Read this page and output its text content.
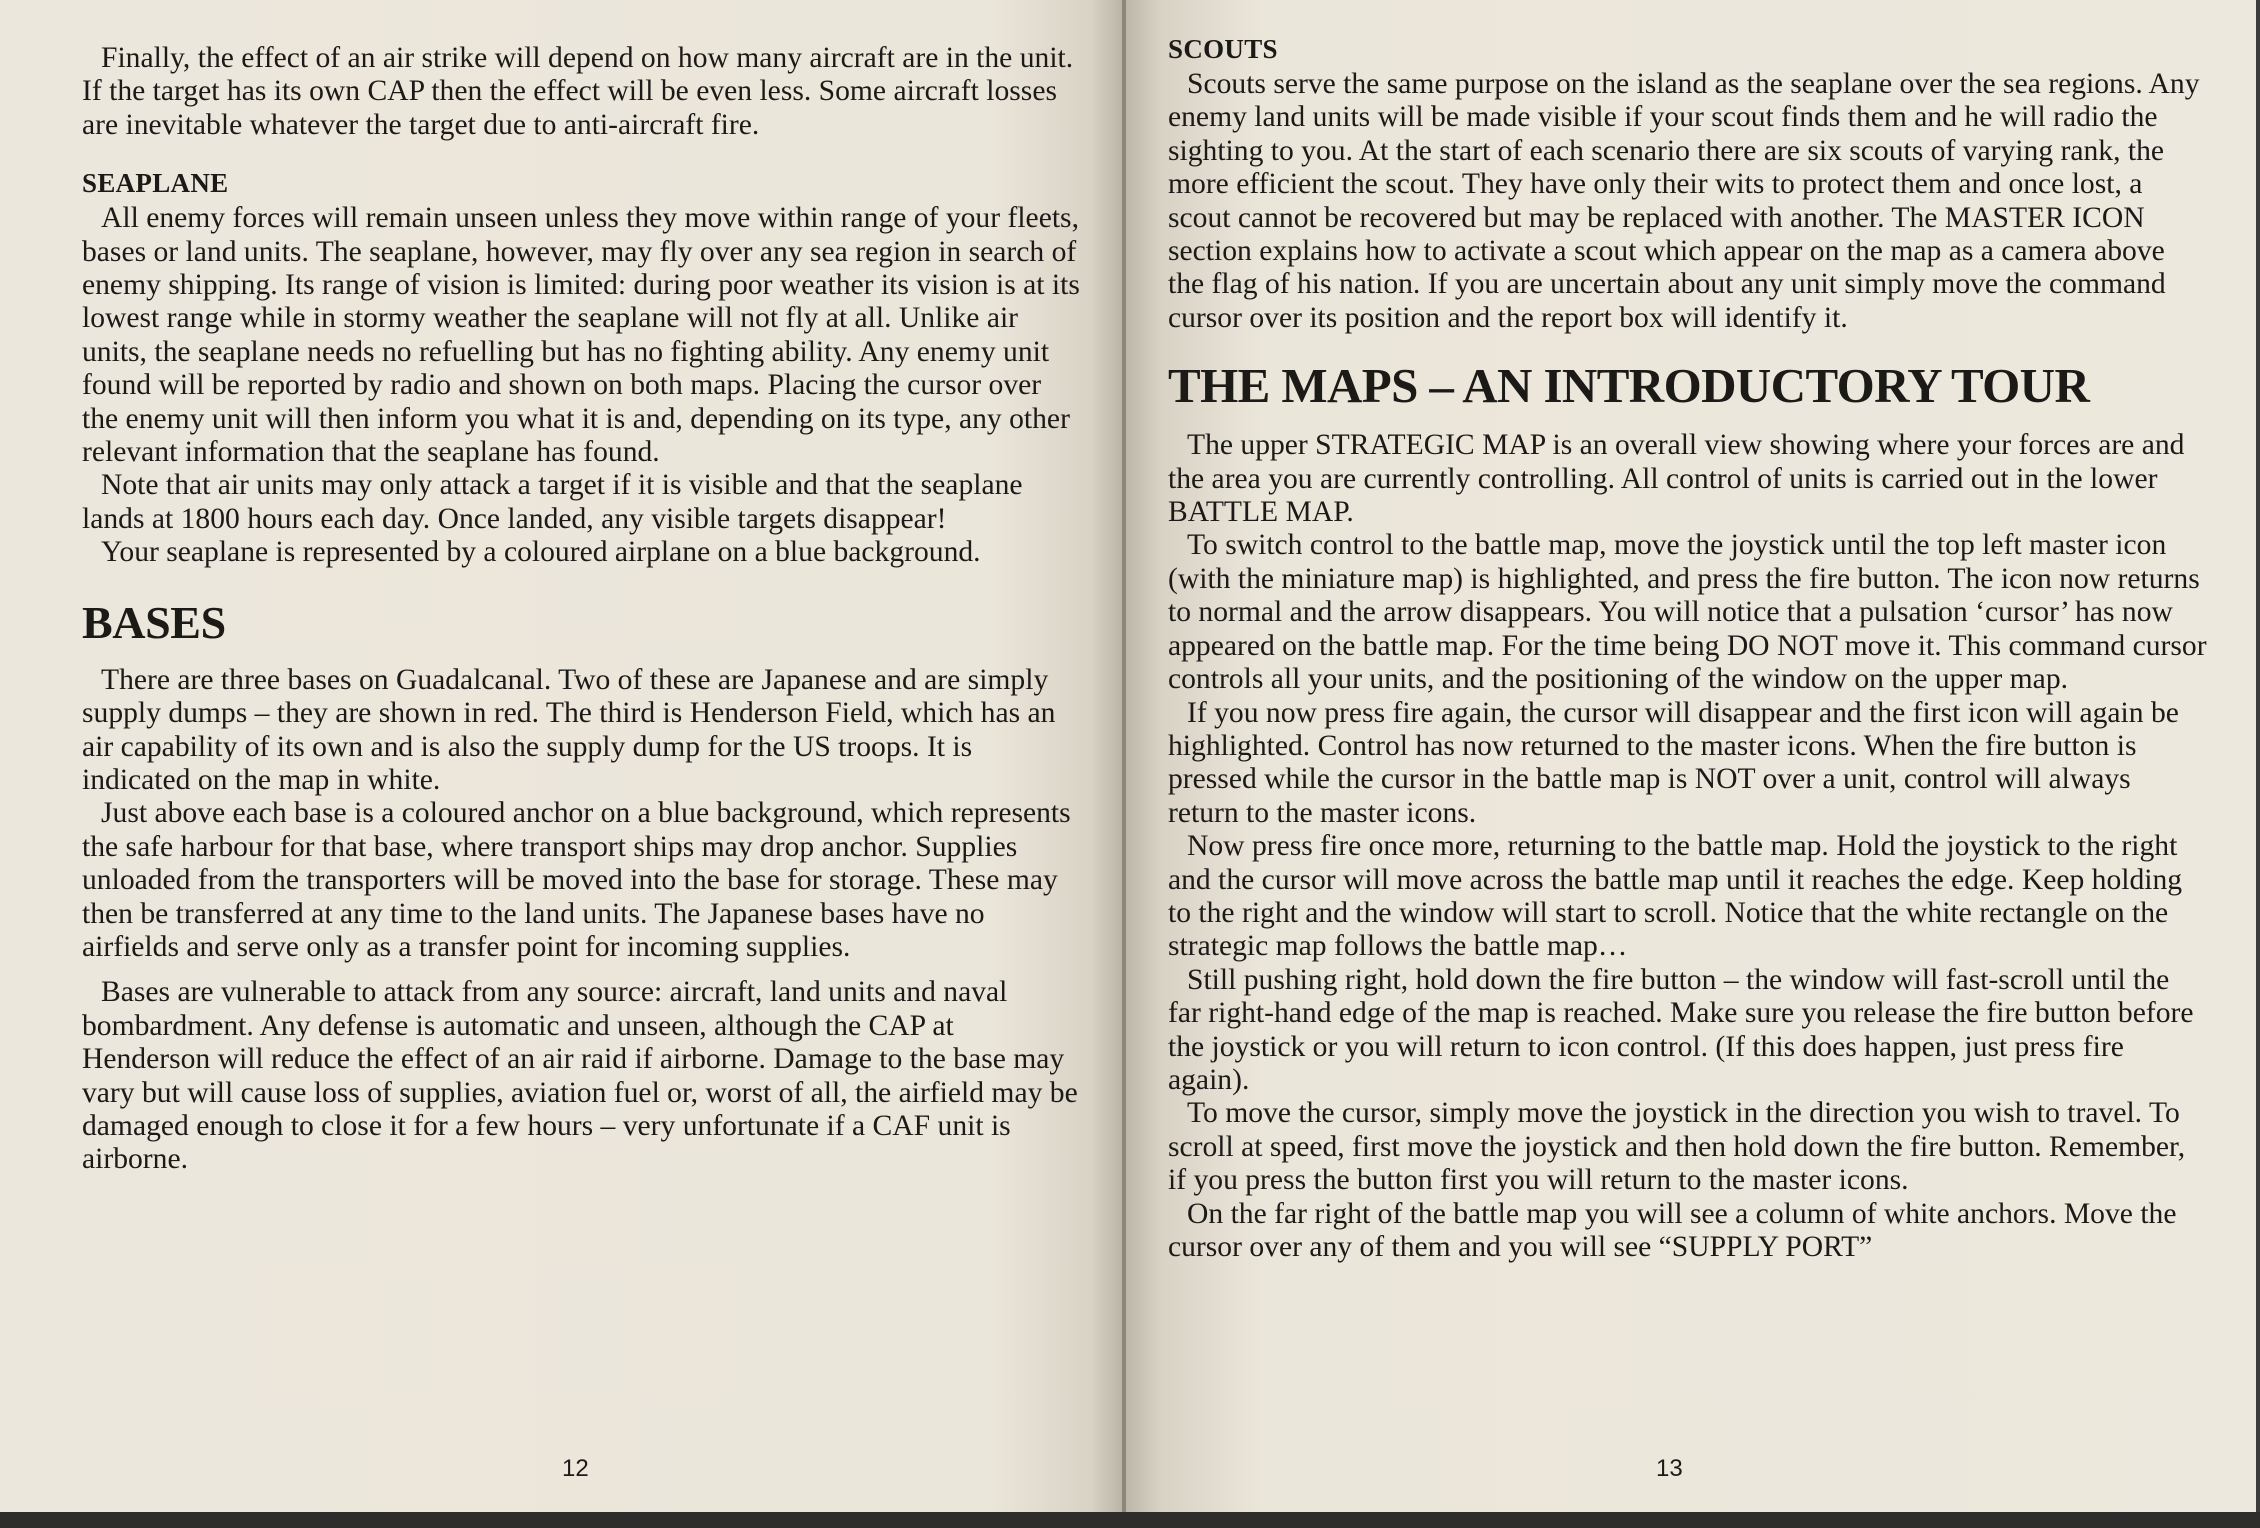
Finally, the effect of an air strike will depend on how many aircraft are in the unit. If the target has its own CAP then the effect will be even less. Some aircraft losses are inevitable whatever the target due to anti-aircraft fire.

SEAPLANE

All enemy forces will remain unseen unless they move within range of your fleets, bases or land units. The seaplane, however, may fly over any sea region in search of enemy shipping. Its range of vision is limited: during poor weather its vision is at its lowest range while in stormy weather the seaplane will not fly at all. Unlike air units, the seaplane needs no refuelling but has no fighting ability. Any enemy unit found will be reported by radio and shown on both maps. Placing the cursor over the enemy unit will then inform you what it is and, depending on its type, any other relevant information that the seaplane has found.

Note that air units may only attack a target if it is visible and that the seaplane lands at 1800 hours each day. Once landed, any visible targets disappear!

Your seaplane is represented by a coloured airplane on a blue background.

BASES

There are three bases on Guadalcanal. Two of these are Japanese and are simply supply dumps – they are shown in red. The third is Henderson Field, which has an air capability of its own and is also the supply dump for the US troops. It is indicated on the map in white.

Just above each base is a coloured anchor on a blue background, which represents the safe harbour for that base, where transport ships may drop anchor. Supplies unloaded from the transporters will be moved into the base for storage. These may then be transferred at any time to the land units. The Japanese bases have no airfields and serve only as a transfer point for incoming supplies.

Bases are vulnerable to attack from any source: aircraft, land units and naval bombardment. Any defense is automatic and unseen, although the CAP at Henderson will reduce the effect of an air raid if airborne. Damage to the base may vary but will cause loss of supplies, aviation fuel or, worst of all, the airfield may be damaged enough to close it for a few hours – very unfortunate if a CAF unit is airborne.

12
SCOUTS

Scouts serve the same purpose on the island as the seaplane over the sea regions. Any enemy land units will be made visible if your scout finds them and he will radio the sighting to you. At the start of each scenario there are six scouts of varying rank, the more efficient the scout. They have only their wits to protect them and once lost, a scout cannot be recovered but may be replaced with another. The MASTER ICON section explains how to activate a scout which appear on the map as a camera above the flag of his nation. If you are uncertain about any unit simply move the command cursor over its position and the report box will identify it.

THE MAPS – AN INTRODUCTORY TOUR

The upper STRATEGIC MAP is an overall view showing where your forces are and the area you are currently controlling. All control of units is carried out in the lower BATTLE MAP.

To switch control to the battle map, move the joystick until the top left master icon (with the miniature map) is highlighted, and press the fire button. The icon now returns to normal and the arrow disappears. You will notice that a pulsation ‘cursor’ has now appeared on the battle map. For the time being DO NOT move it. This command cursor controls all your units, and the positioning of the window on the upper map.

If you now press fire again, the cursor will disappear and the first icon will again be highlighted. Control has now returned to the master icons. When the fire button is pressed while the cursor in the battle map is NOT over a unit, control will always return to the master icons.

Now press fire once more, returning to the battle map. Hold the joystick to the right and the cursor will move across the battle map until it reaches the edge. Keep holding to the right and the window will start to scroll. Notice that the white rectangle on the strategic map follows the battle map…

Still pushing right, hold down the fire button – the window will fast-scroll until the far right-hand edge of the map is reached. Make sure you release the fire button before the joystick or you will return to icon control. (If this does happen, just press fire again).

To move the cursor, simply move the joystick in the direction you wish to travel. To scroll at speed, first move the joystick and then hold down the fire button. Remember, if you press the button first you will return to the master icons.

On the far right of the battle map you will see a column of white anchors. Move the cursor over any of them and you will see “SUPPLY PORT”

13
